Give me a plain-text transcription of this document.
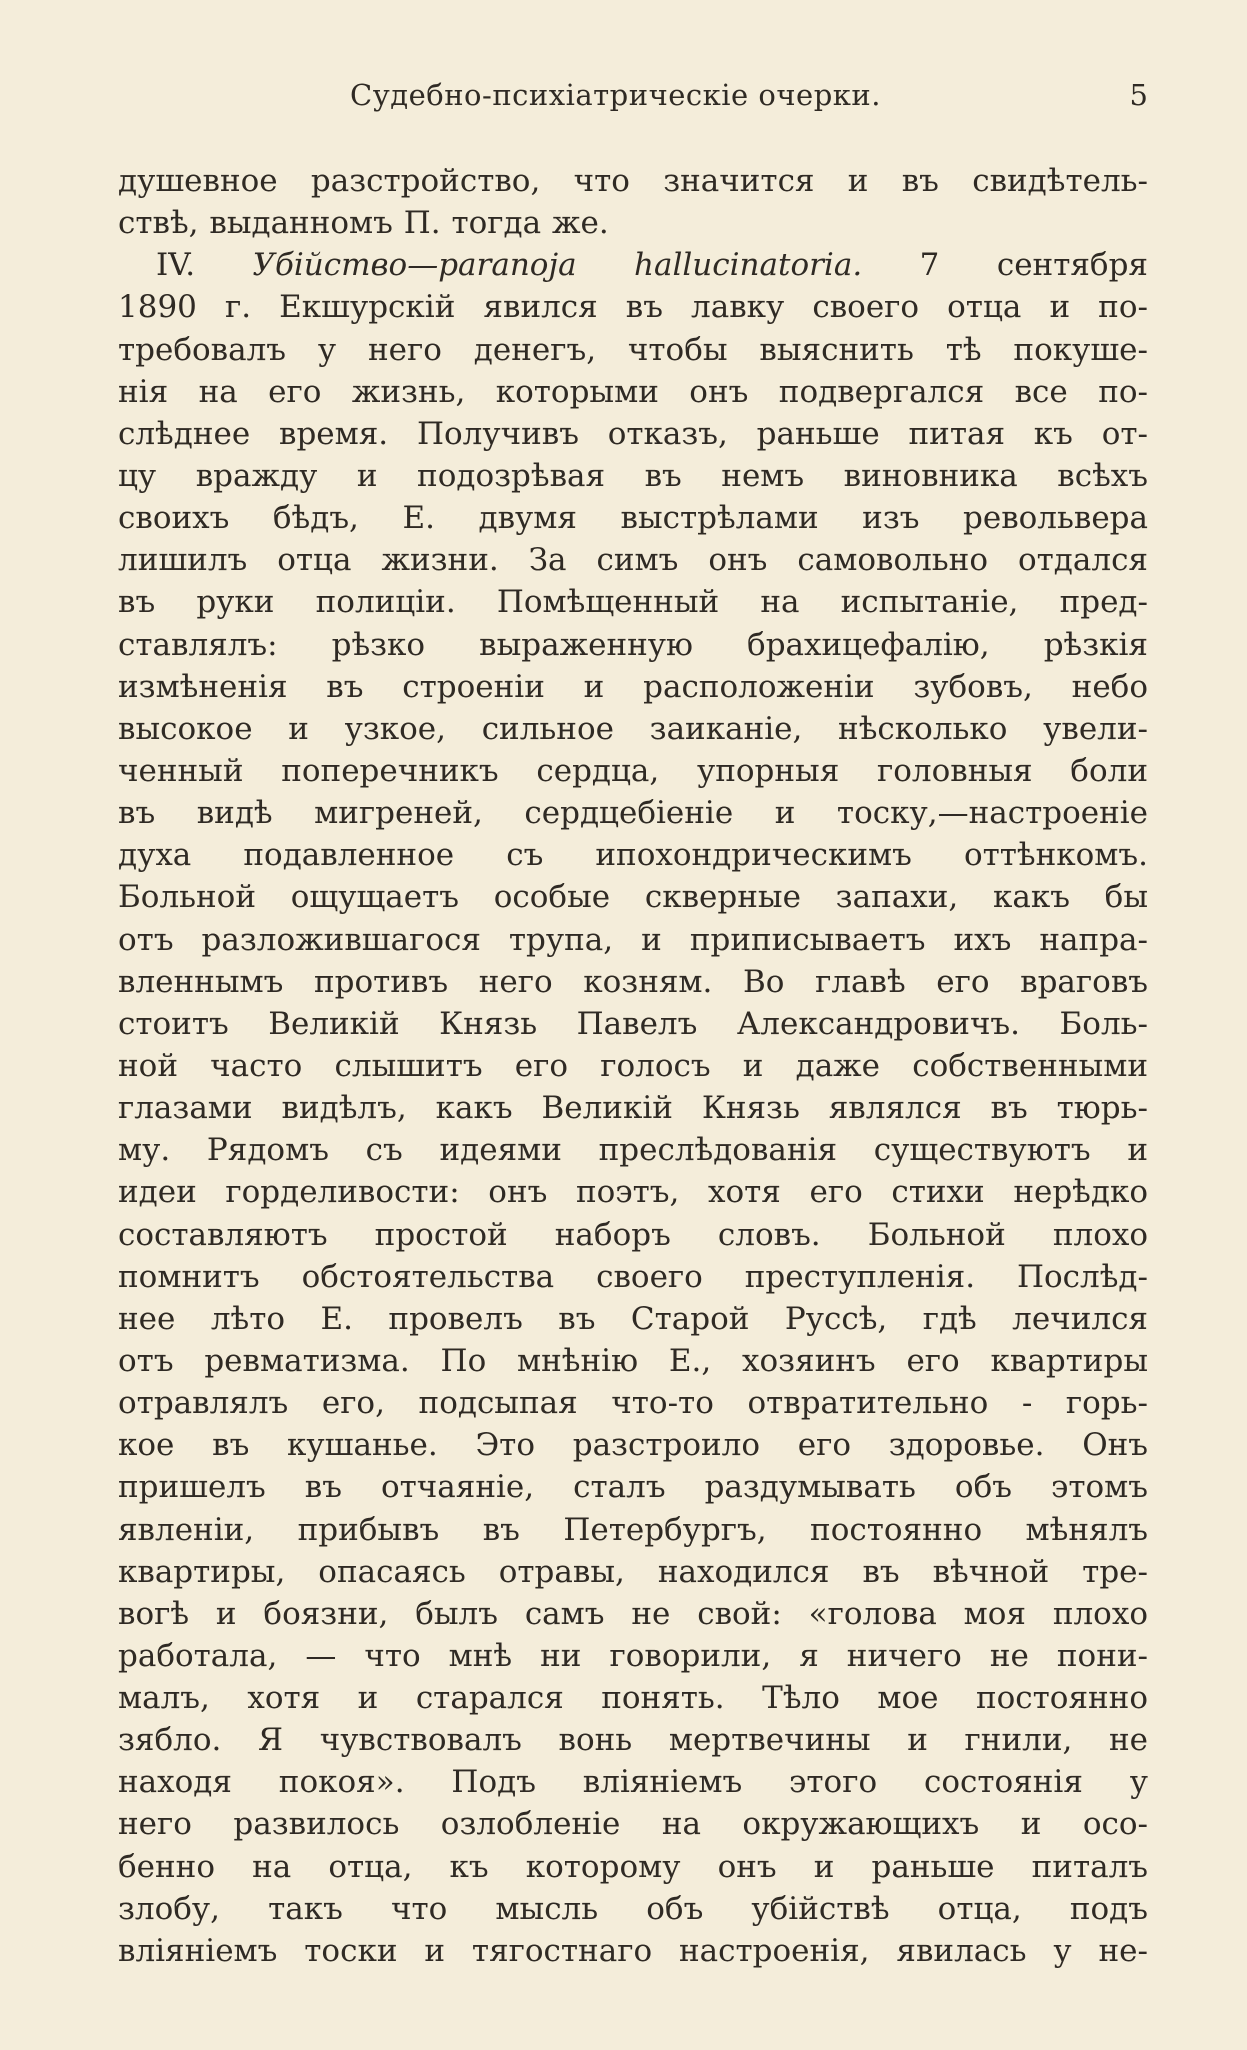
Судебно-психіатрическіе очерки.	5
душевное разстройство, что значится и въ свидѣтель-
ствѣ, выданномъ П. тогда же.
IV. Убійство—paranoja hallucinatoria. 7 сентября
1890 г. Екшурскій явился въ лавку своего отца и по-
требовалъ у него денегъ, чтобы выяснить тѣ покуше-
нія на его жизнь, которыми онъ подвергался все по-
слѣднее время. Получивъ отказъ, раньше питая къ от-
цу вражду и подозрѣвая въ немъ виновника всѣхъ
своихъ бѣдъ, Е. двумя выстрѣлами изъ револьвера
лишилъ отца жизни. За симъ онъ самовольно отдался
въ руки полиціи. Помѣщенный на испытаніе, пред-
ставлялъ: рѣзко выраженную брахицефалію, рѣзкія
измѣненія въ строеніи и расположеніи зубовъ, небо
высокое и узкое, сильное заиканіе, нѣсколько увели-
ченный поперечникъ сердца, упорныя головныя боли
въ видѣ мигреней, сердцебіеніе и тоску,—настроеніе
духа подавленное съ ипохондрическимъ оттѣнкомъ.
Больной ощущаетъ особые скверные запахи, какъ бы
отъ разложившагося трупа, и приписываетъ ихъ напра-
вленнымъ противъ него козням. Во главѣ его враговъ
стоитъ Великій Князь Павелъ Александровичъ. Боль-
ной часто слышитъ его голосъ и даже собственными
глазами видѣлъ, какъ Великій Князь являлся въ тюрь-
му. Рядомъ съ идеями преслѣдованія существуютъ и
идеи горделивости: онъ поэтъ, хотя его стихи нерѣдко
составляютъ простой наборъ словъ. Больной плохо
помнитъ обстоятельства своего преступленія. Послѣд-
нее лѣто Е. провелъ въ Старой Руссѣ, гдѣ лечился
отъ ревматизма. По мнѣнію Е., хозяинъ его квартиры
отравлялъ его, подсыпая что-то отвратительно - горь-
кое въ кушанье. Это разстроило его здоровье. Онъ
пришелъ въ отчаяніе, сталъ раздумывать объ этомъ
явленіи, прибывъ въ Петербургъ, постоянно мѣнялъ
квартиры, опасаясь отравы, находился въ вѣчной тре-
вогѣ и боязни, былъ самъ не свой: «голова моя плохо
работала, — что мнѣ ни говорили, я ничего не пони-
малъ, хотя и старался понять. Тѣло мое постоянно
зябло. Я чувствовалъ вонь мертвечины и гнили, не
находя покоя». Подъ вліяніемъ этого состоянія у
него развилось озлобленіе на окружающихъ и осо-
бенно на отца, къ которому онъ и раньше питалъ
злобу, такъ что мысль объ убійствѣ отца, подъ
вліяніемъ тоски и тягостнаго настроенія, явилась у не-
